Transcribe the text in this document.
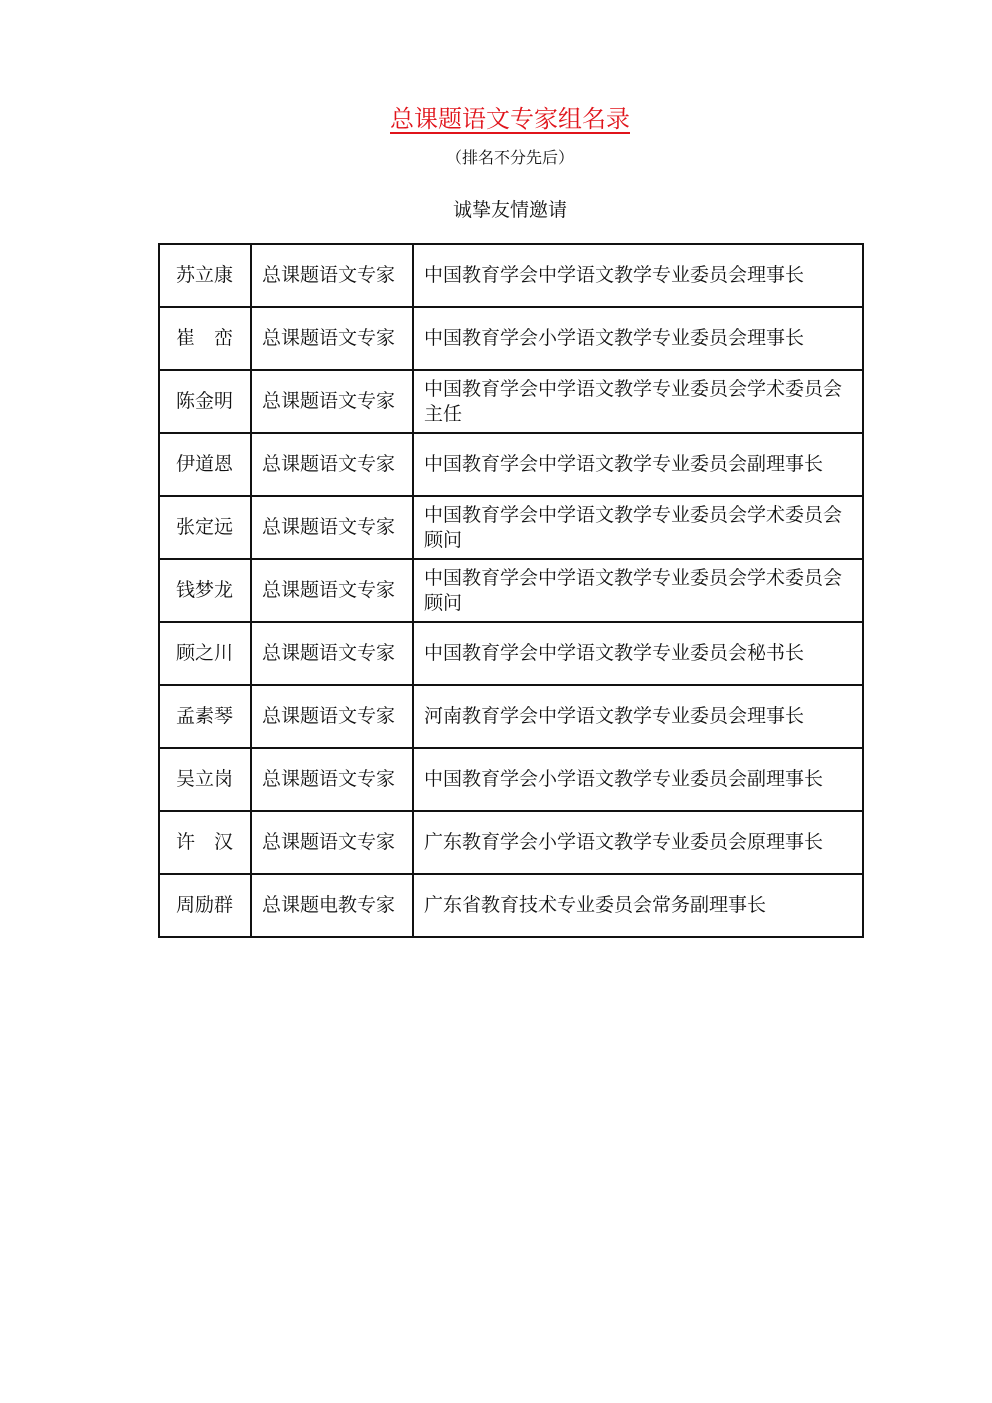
总课题语文专家组名录
（排名不分先后）
诚挚友情邀请
苏立康	总课题语文专家	中国教育学会中学语文教学专业委员会理事长
崔　峦	总课题语文专家	中国教育学会小学语文教学专业委员会理事长
陈金明	总课题语文专家	中国教育学会中学语文教学专业委员会学术委员会主任
伊道恩	总课题语文专家	中国教育学会中学语文教学专业委员会副理事长
张定远	总课题语文专家	中国教育学会中学语文教学专业委员会学术委员会顾问
钱梦龙	总课题语文专家	中国教育学会中学语文教学专业委员会学术委员会顾问
顾之川	总课题语文专家	中国教育学会中学语文教学专业委员会秘书长
孟素琴	总课题语文专家	河南教育学会中学语文教学专业委员会理事长
吴立岗	总课题语文专家	中国教育学会小学语文教学专业委员会副理事长
许　汉	总课题语文专家	广东教育学会小学语文教学专业委员会原理事长
周励群	总课题电教专家	广东省教育技术专业委员会常务副理事长
